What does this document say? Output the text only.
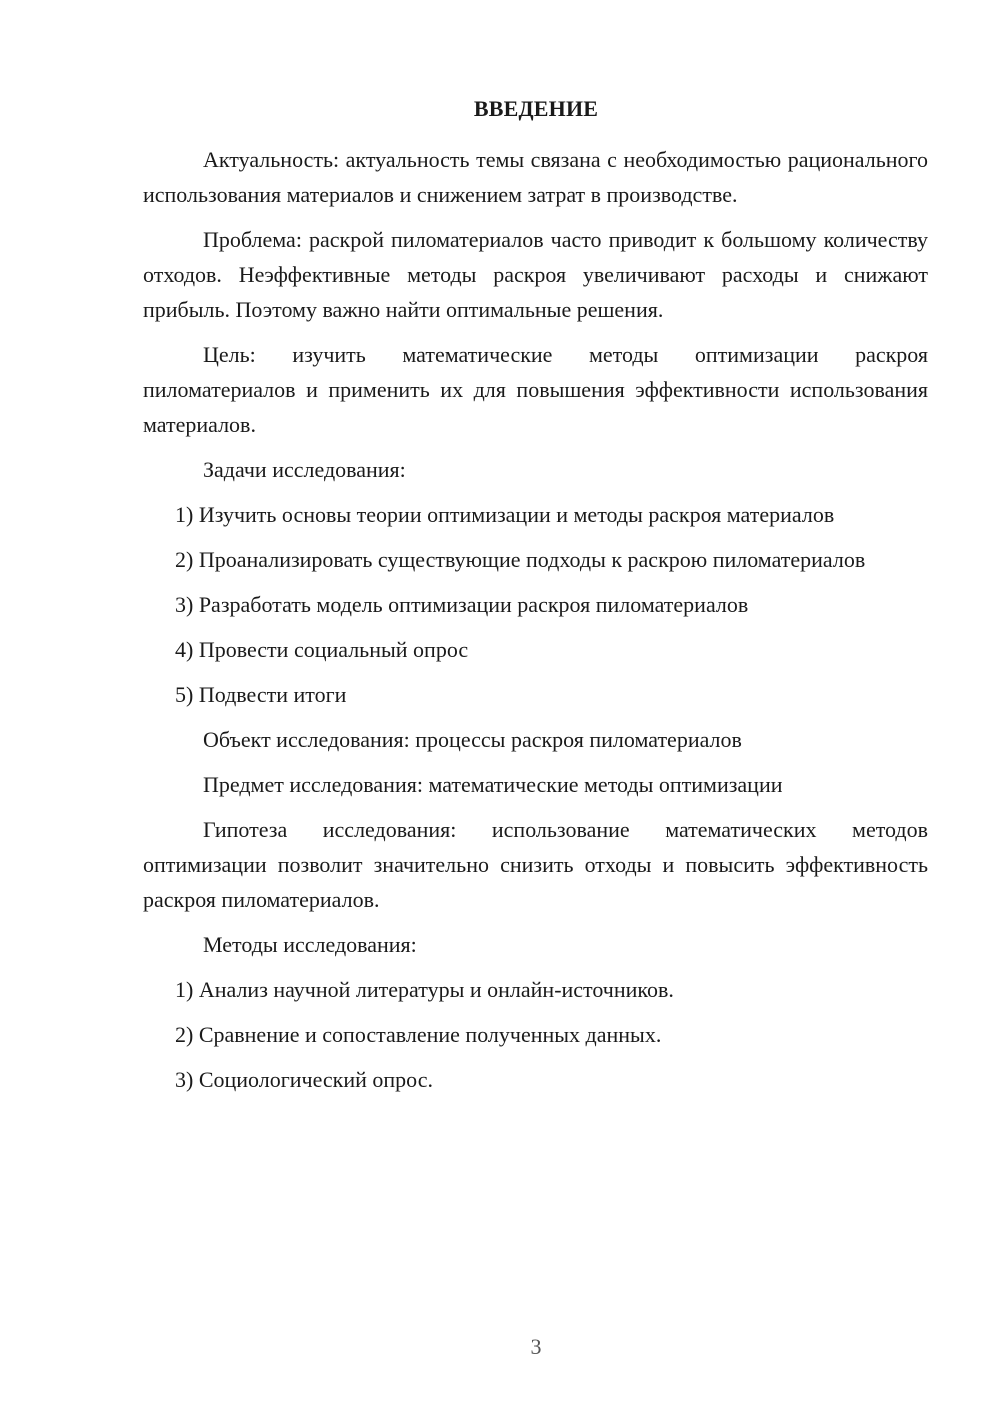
ВВЕДЕНИЕ

Актуальность: актуальность темы связана с необходимостью рационального использования материалов и снижением затрат в производстве.

Проблема: раскрой пиломатериалов часто приводит к большому количеству отходов. Неэффективные методы раскроя увеличивают расходы и снижают прибыль. Поэтому важно найти оптимальные решения.

Цель: изучить математические методы оптимизации раскроя пиломатериалов и применить их для повышения эффективности использования материалов.

Задачи исследования:

1) Изучить основы теории оптимизации и методы раскроя материалов

2) Проанализировать существующие подходы к раскрою пиломатериалов

3) Разработать модель оптимизации раскроя пиломатериалов

4) Провести социальный опрос

5) Подвести итоги

Объект исследования: процессы раскроя пиломатериалов

Предмет исследования: математические методы оптимизации

Гипотеза исследования: использование математических методов оптимизации позволит значительно снизить отходы и повысить эффективность раскроя пиломатериалов.

Методы исследования:

1) Анализ научной литературы и онлайн-источников.

2) Сравнение и сопоставление полученных данных.

3) Социологический опрос.

3
